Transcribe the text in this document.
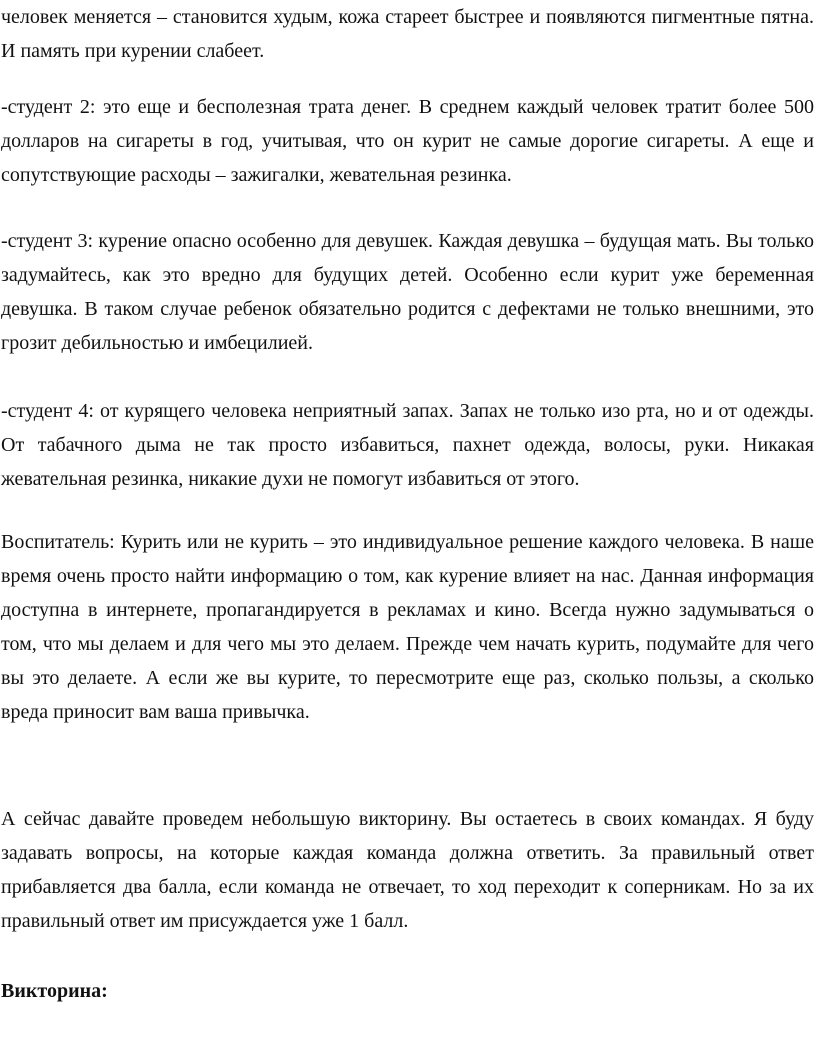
человек меняется – становится худым, кожа стареет быстрее и появляются пигментные пятна. И память при курении слабеет.

-студент 2: это еще и бесполезная трата денег. В среднем каждый человек тратит более 500 долларов на сигареты в год, учитывая, что он курит не самые дорогие сигареты. А еще и сопутствующие расходы – зажигалки, жевательная резинка.

-студент 3: курение опасно особенно для девушек. Каждая девушка – будущая мать. Вы только задумайтесь, как это вредно для будущих детей. Особенно если курит уже беременная девушка. В таком случае ребенок обязательно родится с дефектами не только внешними, это грозит дебильностью и имбецилией.

-студент 4: от курящего человека неприятный запах. Запах не только изо рта, но и от одежды. От табачного дыма не так просто избавиться, пахнет одежда, волосы, руки. Никакая жевательная резинка, никакие духи не помогут избавиться от этого.

Воспитатель: Курить или не курить – это индивидуальное решение каждого человека. В наше время очень просто найти информацию о том, как курение влияет на нас. Данная информация доступна в интернете, пропагандируется в рекламах и кино. Всегда нужно задумываться о том, что мы делаем и для чего мы это делаем. Прежде чем начать курить, подумайте для чего вы это делаете. А если же вы курите, то пересмотрите еще раз, сколько пользы, а сколько вреда приносит вам ваша привычка.

А сейчас давайте проведем небольшую викторину. Вы остаетесь в своих командах. Я буду задавать вопросы, на которые каждая команда должна ответить. За правильный ответ прибавляется два балла, если команда не отвечает, то ход переходит к соперникам. Но за их правильный ответ им присуждается уже 1 балл.

Викторина:
